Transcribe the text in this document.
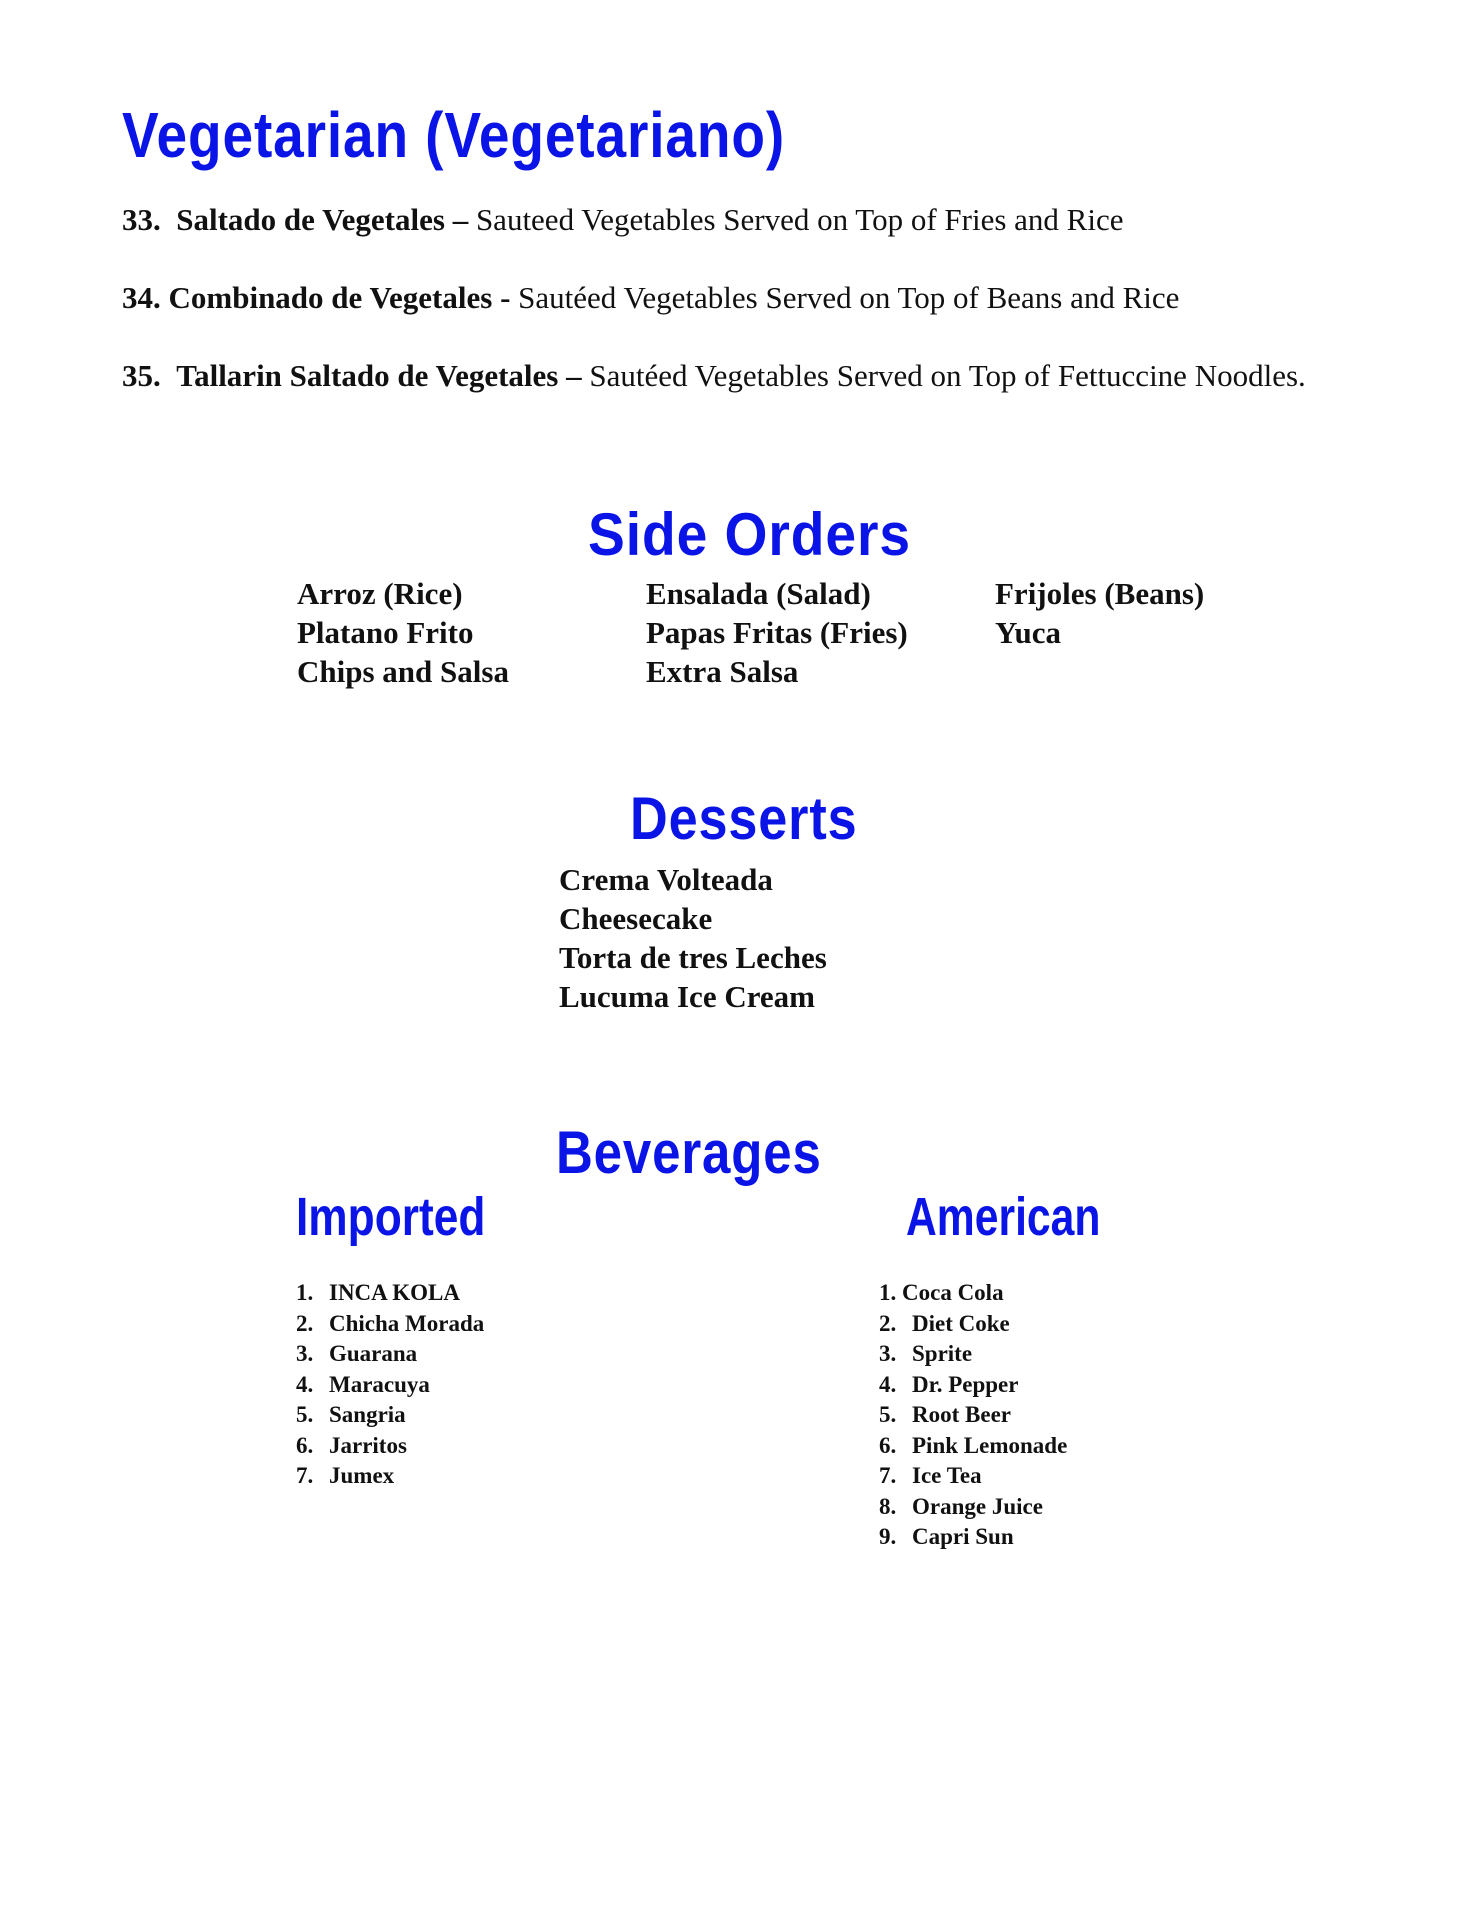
Vegetarian (Vegetariano)

33. Saltado de Vegetales – Sauteed Vegetables Served on Top of Fries and Rice

34. Combinado de Vegetales - Sautéed Vegetables Served on Top of Beans and Rice

35. Tallarin Saltado de Vegetales – Sautéed Vegetables Served on Top of Fettuccine Noodles.

Side Orders
Arroz (Rice)
Platano Frito
Chips and Salsa
Ensalada (Salad)
Papas Fritas (Fries)
Extra Salsa
Frijoles (Beans)
Yuca
Desserts
Crema Volteada
Cheesecake
Torta de tres Leches
Lucuma Ice Cream
Beverages
Imported	American
1. INCA KOLA
2. Chicha Morada
3. Guarana
4. Maracuya
5. Sangria
6. Jarritos
7. Jumex
1. Coca Cola
2. Diet Coke
3. Sprite
4. Dr. Pepper
5. Root Beer
6. Pink Lemonade
7. Ice Tea
8. Orange Juice
9. Capri Sun
